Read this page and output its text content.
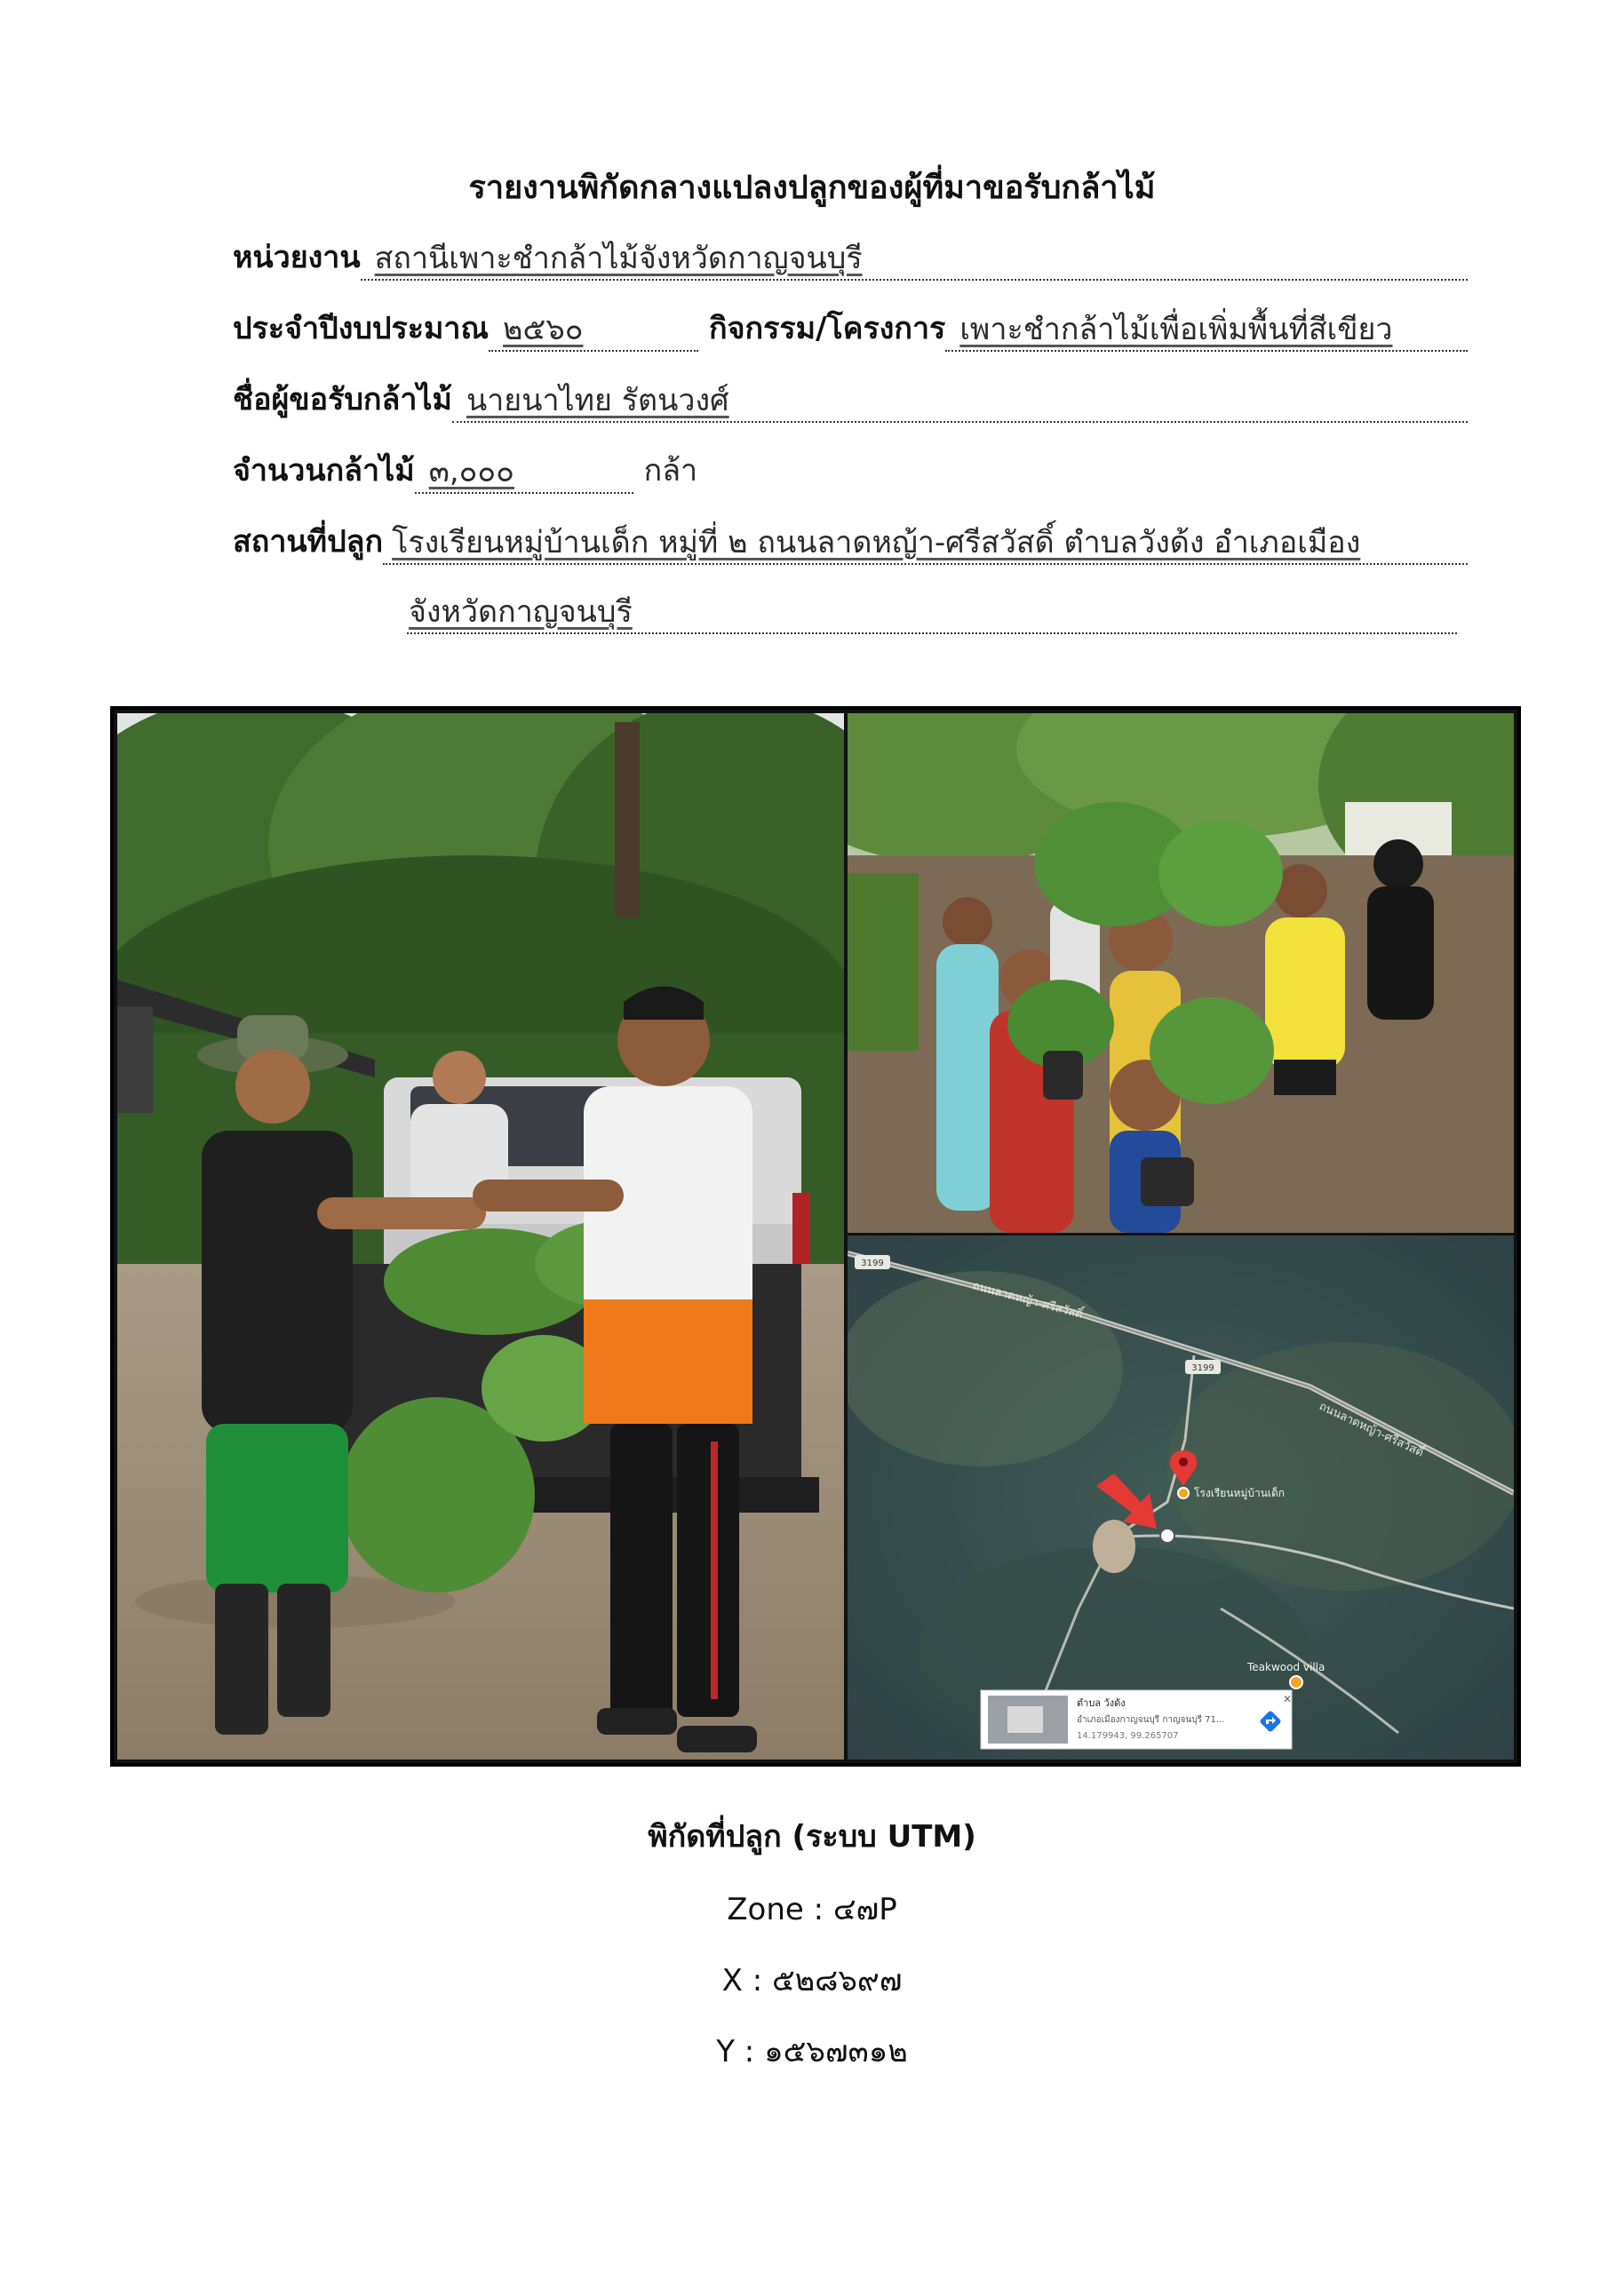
รายงานพิกัดกลางแปลงปลูกของผู้ที่มาขอรับกล้าไม้
หน่วยงาน สถานีเพาะชำกล้าไม้จังหวัดกาญจนบุรี
ประจำปีงบประมาณ ๒๕๖๐	กิจกรรม/โครงการ เพาะชำกล้าไม้เพื่อเพิ่มพื้นที่สีเขียว
ชื่อผู้ขอรับกล้าไม้ นายนาไทย รัตนวงศ์
จำนวนกล้าไม้ ๓,๐๐๐	กล้า
สถานที่ปลูก โรงเรียนหมู่บ้านเด็ก หมู่ที่ ๒ ถนนลาดหญ้า-ศรีสวัสดิ์ ตำบลวังด้ง อำเภอเมือง
จังหวัดกาญจนบุรี
ถนนลาดหญ้า-ศรีสวัสดิ์
ถนนลาดหญ้า-ศรีสวัสดิ์
3199
3199
โรงเรียนหมู่บ้านเด็ก
Teakwood villa
ตำบล วังด้ง
อำเภอเมืองกาญจนบุรี กาญจนบุรี 71...
14.179943, 99.265707
✕
พิกัดที่ปลูก (ระบบ UTM)
Zone : ๔๗P
X : ๕๒๘๖๙๗
Y : ๑๕๖๗๓๑๒
